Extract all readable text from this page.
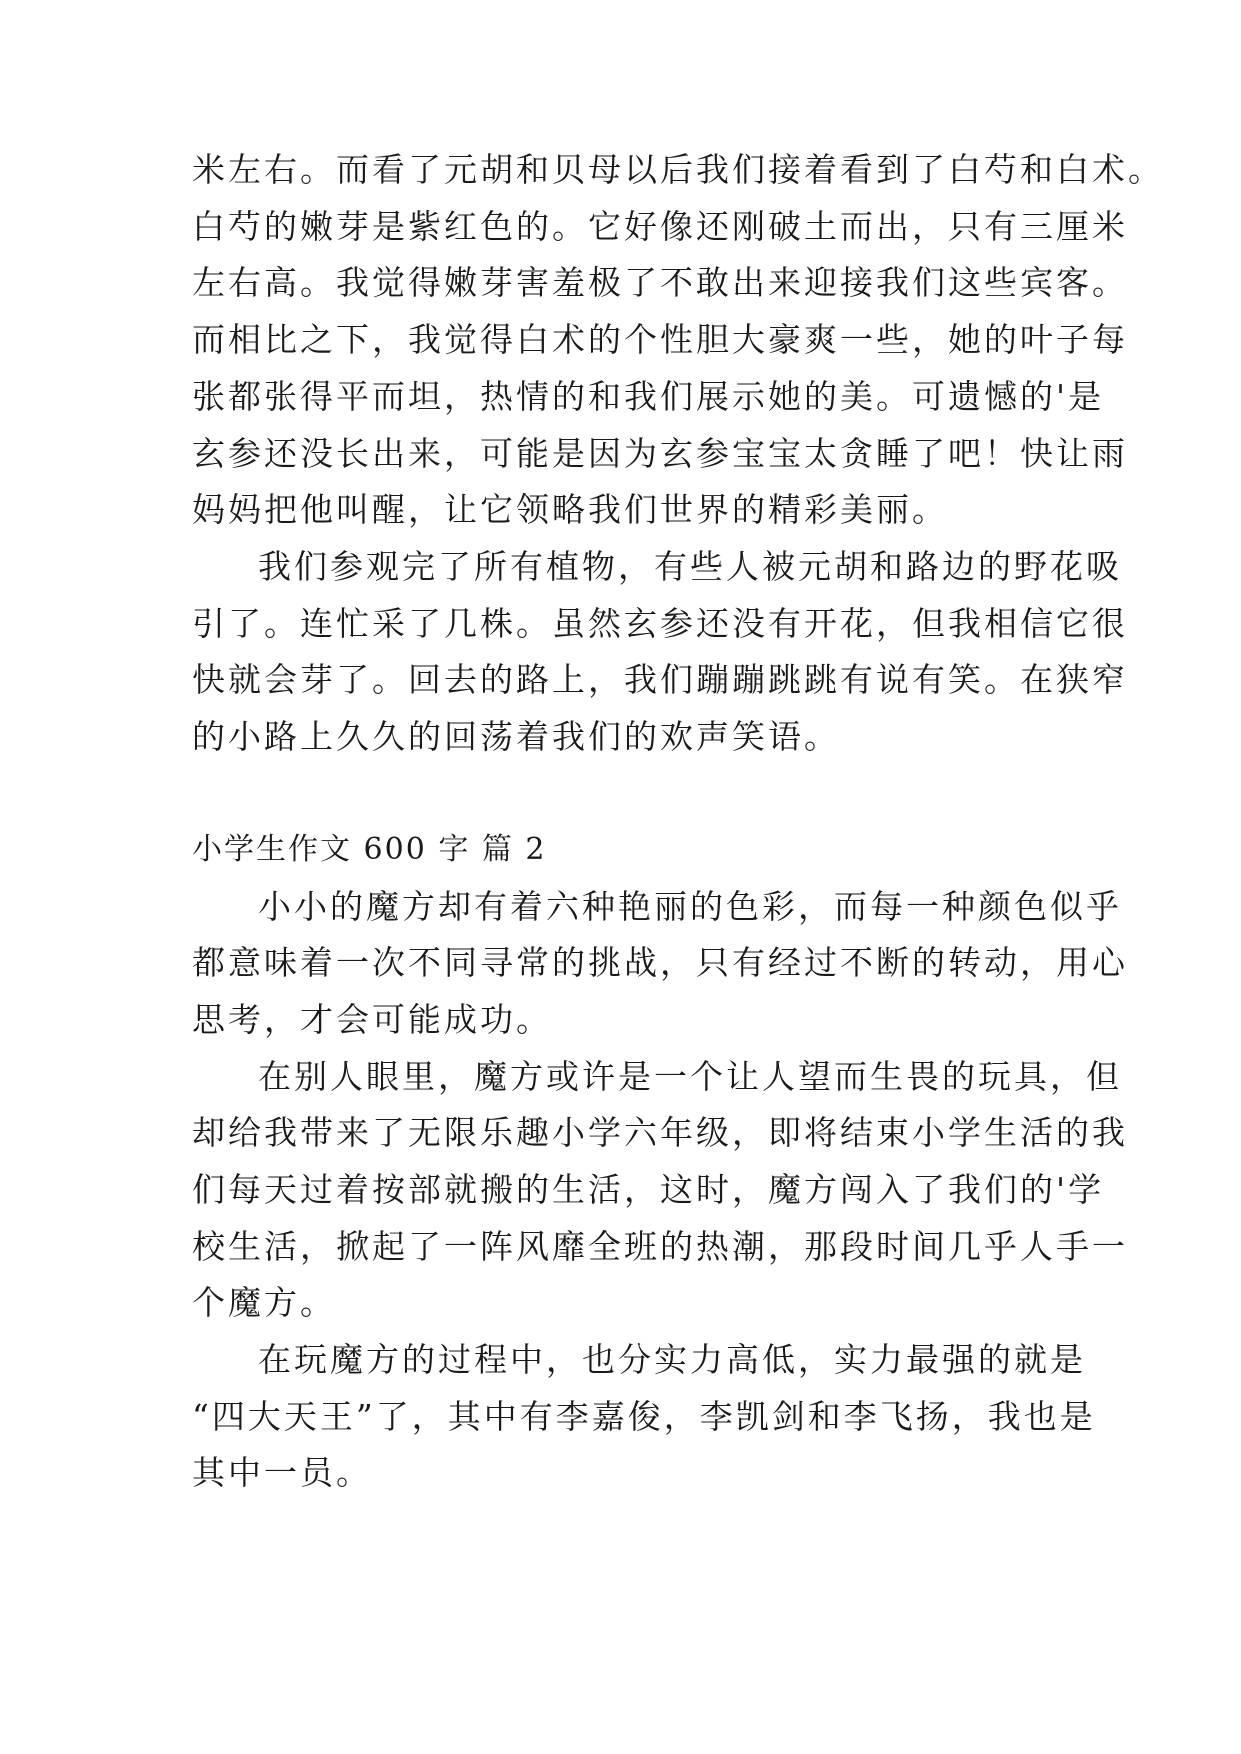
米左右。而看了元胡和贝母以后我们接着看到了白芍和白术。
白芍的嫩芽是紫红色的。它好像还刚破土而出，只有三厘米
左右高。我觉得嫩芽害羞极了不敢出来迎接我们这些宾客。
而相比之下，我觉得白术的个性胆大豪爽一些，她的叶子每
张都张得平而坦，热情的和我们展示她的美。可遗憾的'是
玄参还没长出来，可能是因为玄参宝宝太贪睡了吧！快让雨
妈妈把他叫醒，让它领略我们世界的精彩美丽。
我们参观完了所有植物，有些人被元胡和路边的野花吸
引了。连忙采了几株。虽然玄参还没有开花，但我相信它很
快就会芽了。回去的路上，我们蹦蹦跳跳有说有笑。在狭窄
的小路上久久的回荡着我们的欢声笑语。
小学生作文 600 字 篇 2
小小的魔方却有着六种艳丽的色彩，而每一种颜色似乎
都意味着一次不同寻常的挑战，只有经过不断的转动，用心
思考，才会可能成功。
在别人眼里，魔方或许是一个让人望而生畏的玩具，但
却给我带来了无限乐趣小学六年级，即将结束小学生活的我
们每天过着按部就搬的生活，这时，魔方闯入了我们的'学
校生活，掀起了一阵风靡全班的热潮，那段时间几乎人手一
个魔方。
在玩魔方的过程中，也分实力高低，实力最强的就是
“四大天王”了，其中有李嘉俊，李凯剑和李飞扬，我也是
其中一员。
